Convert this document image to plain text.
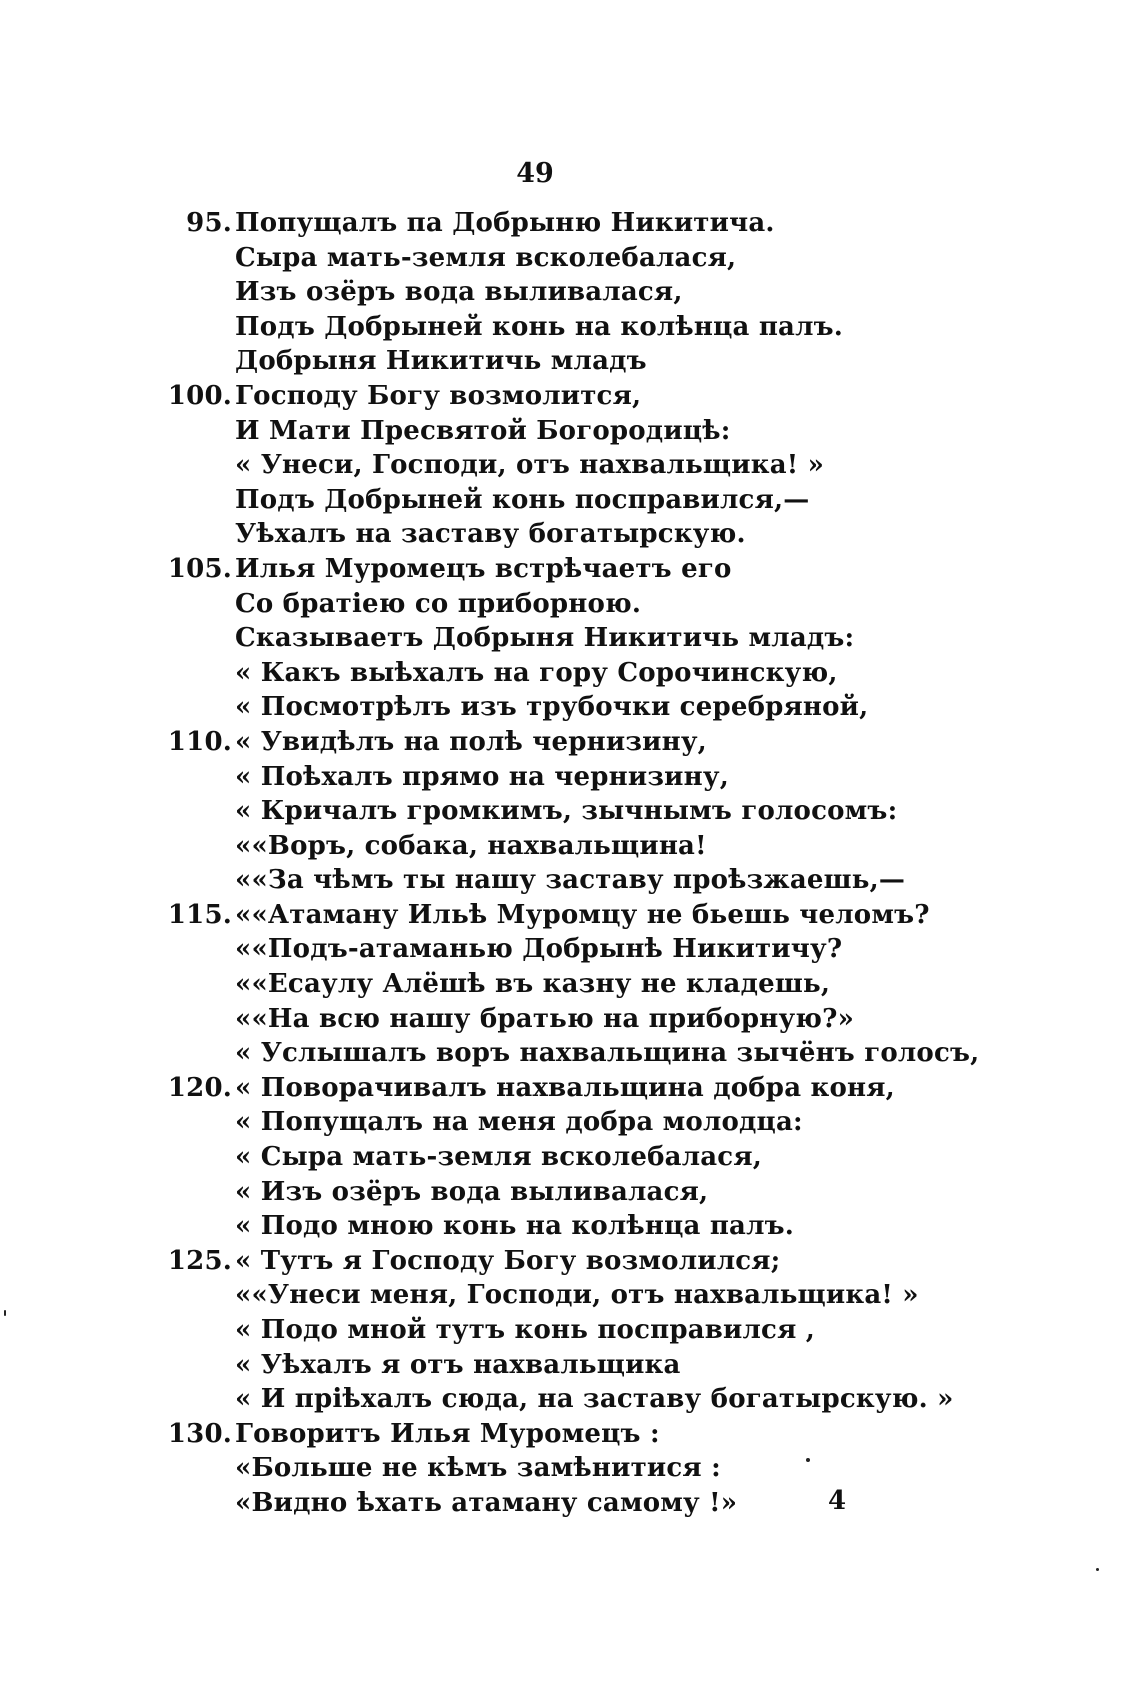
49
95. Попущалъ па Добрыню Никитича.
Сыра мать-земля всколебалася,
Изъ озёръ вода выливалася,
Подъ Добрыней конь на колѣнца палъ.
Добрыня Никитичь младъ
100. Господу Богу возмолится,
И Мати Пресвятой Богородицѣ:
« Унеси, Господи, отъ нахвальщика! »
Подъ Добрыней конь посправился,—
Уѣхалъ на заставу богатырскую.
105. Илья Муромецъ встрѣчаетъ его
Со братiею со приборною.
Сказываетъ Добрыня Никитичь младъ:
« Какъ выѣхалъ на гору Сорочинскую,
« Посмотрѣлъ изъ трубочки серебряной,
110. « Увидѣлъ на полѣ чернизину,
« Поѣхалъ прямо на чернизину,
« Кричалъ громкимъ, зычнымъ голосомъ:
««Воръ, собака, нахвальщина!
««За чѣмъ ты нашу заставу проѣзжаешь,—
115. ««Атаману Ильѣ Муромцу не бьешь челомъ?
««Подъ-атаманью Добрынѣ Никитичу?
««Есаулу Алёшѣ въ казну не кладешь,
««На всю нашу братью на приборную?»
« Услышалъ воръ нахвальщина зычёнъ голосъ,
120. « Поворачивалъ нахвальщина добра коня,
« Попущалъ на меня добра молодца:
« Сыра мать-земля всколебалася,
« Изъ озёръ вода выливалася,
« Подо мною конь на колѣнца палъ.
125. « Тутъ я Господу Богу возмолился;
««Унеси меня, Господи, отъ нахвальщика! »
« Подо мной тутъ конь посправился ,
« Уѣхалъ я отъ нахвальщика
« И прiѣхалъ сюда, на заставу богатырскую. »
130. Говоритъ Илья Муромецъ :
«Больше не кѣмъ замѣнитися :
«Видно ѣхать атаману самому !»	4
